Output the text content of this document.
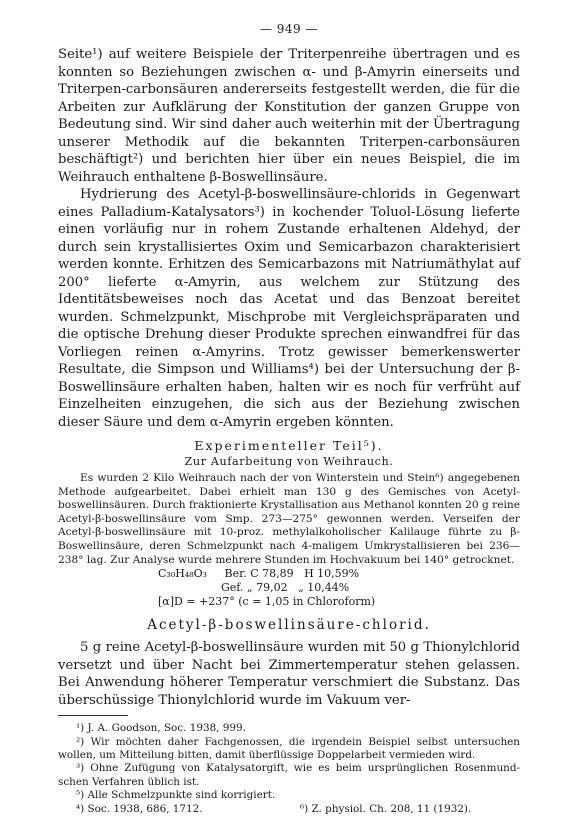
— 949 —

Seite¹) auf weitere Beispiele der Triterpenreihe übertragen und es konnten so Beziehungen zwischen α- und β-Amyrin einerseits und Triterpen-carbonsäuren andererseits festgestellt werden, die für die Arbeiten zur Aufklärung der Konstitution der ganzen Gruppe von Bedeutung sind. Wir sind daher auch weiterhin mit der Übertragung unserer Methodik auf die bekannten Triterpen-carbonsäuren beschäftigt²) und berichten hier über ein neues Beispiel, die im Weihrauch enthaltene β-Boswellinsäure.

Hydrierung des Acetyl-β-boswellinsäure-chlorids in Gegenwart eines Palladium-Katalysators³) in kochender Toluol-Lösung lieferte einen vorläufig nur in rohem Zustande erhaltenen Aldehyd, der durch sein krystallisiertes Oxim und Semicarbazon charakterisiert werden konnte. Erhitzen des Semicarbazons mit Natriumäthylat auf 200° lieferte α-Amyrin, aus welchem zur Stützung des Identitätsbeweises noch das Acetat und das Benzoat bereitet wurden. Schmelzpunkt, Mischprobe mit Vergleichspräparaten und die optische Drehung dieser Produkte sprechen einwandfrei für das Vorliegen reinen α-Amyrins. Trotz gewisser bemerkenswerter Resultate, die Simpson und Williams⁴) bei der Untersuchung der β-Boswellinsäure erhalten haben, halten wir es noch für verfrüht auf Einzelheiten einzugehen, die sich aus der Beziehung zwischen dieser Säure und dem α-Amyrin ergeben könnten.

Experimenteller Teil⁵).
Zur Aufarbeitung von Weihrauch.

Es wurden 2 Kilo Weihrauch nach der von Winterstein und Stein⁶) angegebenen Methode aufgearbeitet. Dabei erhielt man 130 g des Gemisches von Acetyl-boswellinsäuren. Durch fraktionierte Krystallisation aus Methanol konnten 20 g reine Acetyl-β-boswellinsäure vom Smp. 273—275° gewonnen werden. Verseifen der Acetyl-β-boswellinsäure mit 10-proz. methylalkoholischer Kalilauge führte zu β-Boswellinsäure, deren Schmelzpunkt nach 4-maligem Umkrystallisieren bei 236—238° lag. Zur Analyse wurde mehrere Stunden im Hochvakuum bei 140° getrocknet.

C₃₀H₄₈O₃     Ber. C 78,89   H 10,59%
Gef. „ 79,02   „ 10,44%
[α]D = +237° (c = 1,05 in Chloroform)
Acetyl-β-boswellinsäure-chlorid.

5 g reine Acetyl-β-boswellinsäure wurden mit 50 g Thionylchlorid versetzt und über Nacht bei Zimmertemperatur stehen gelassen. Bei Anwendung höherer Temperatur verschmiert die Substanz. Das überschüssige Thionylchlorid wurde im Vakuum ver-

¹) J. A. Goodson, Soc. 1938, 999.

²) Wir möchten daher Fachgenossen, die irgendein Beispiel selbst untersuchen wollen, um Mitteilung bitten, damit überflüssige Doppelarbeit vermieden wird.

³) Ohne Zufügung von Katalysatorgift, wie es beim ursprünglichen Rosenmund-schen Verfahren üblich ist.

⁵) Alle Schmelzpunkte sind korrigiert.
⁴) Soc. 1938, 686, 1712.	⁶) Z. physiol. Ch. 208, 11 (1932).
